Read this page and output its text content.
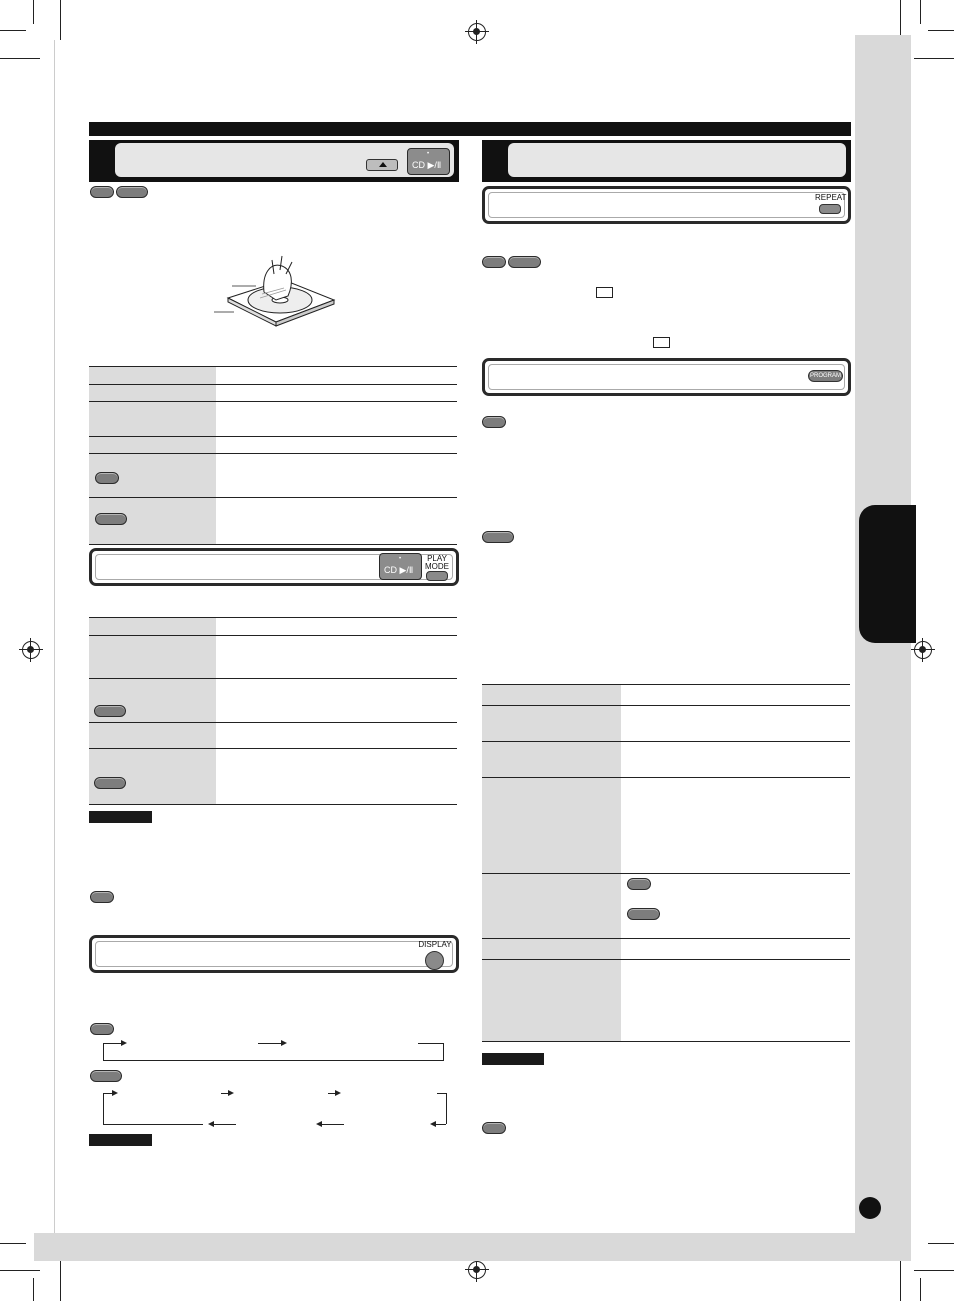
CD ▶/Ⅱ
•
CD ▶/Ⅱ
•	PLAY
MODE
DISPLAY
REPEAT
PROGRAM
